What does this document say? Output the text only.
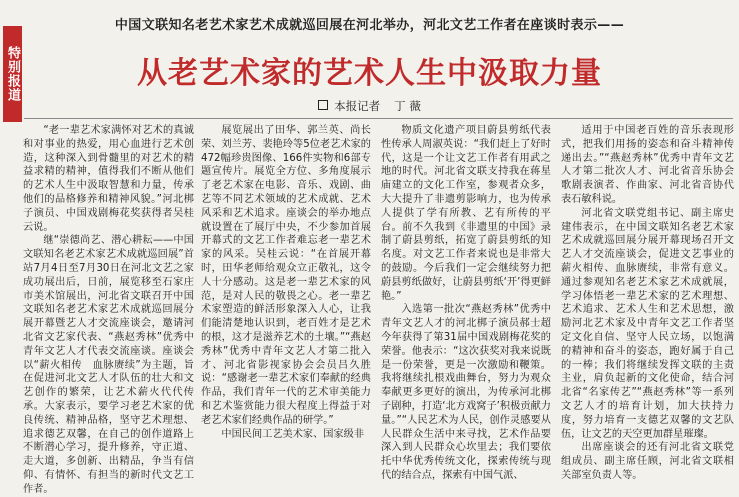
特别报道
中国文联知名老艺术家艺术成就巡回展在河北举办，河北文艺工作者在座谈时表示——
从老艺术家的艺术人生中汲取力量
本报记者 丁 薇

“老一辈艺术家满怀对艺术的真诚和对事业的热爱，用心血进行艺术创造，这种深入到骨髓里的对艺术的精益求精的精神，值得我们不断从他们的艺术人生中汲取智慧和力量，传承他们的品格修养和精神风貌。”河北梆子演员、中国戏剧梅花奖获得者吴桂云说。

继“崇德尚艺、潜心耕耘——中国文联知名老艺术家艺术成就巡回展”首站7月4日至7月30日在河北文艺之家成功展出后，日前，展览移至石家庄市美术馆展出，河北省文联召开中国文联知名老艺术家艺术成就巡回展分展开幕暨艺人才交流座谈会，邀请河北省文艺家代表、“燕赵秀林”优秀中青年文艺人才代表交流座谈。座谈会以“薪火相传　血脉赓续”为主题，旨在促进河北文艺人才队伍的壮大和文艺创作的繁荣，让艺术薪火代代传承。大家表示，要学习老艺术家的优良传统、精神品格，坚守艺术理想、追求德艺双馨，在自己的创作道路上不断潜心学习，提升修养，守正道、走大道，多创新、出精品，争当有信仰、有情怀、有担当的新时代文艺工作者。

展览展出了田华、郭兰英、尚长荣、刘兰芳、裴艳玲等5位老艺术家的472幅珍贵图像、166件实物和6部专题宣传片。展览全方位、多角度展示了老艺术家在电影、音乐、戏剧、曲艺等不同艺术领域的艺术成就、艺术风采和艺术追求。座谈会的举办地点就设置在了展厅中央，不少参加首展开幕式的文艺工作者难忘老一辈艺术家的风采。吴桂云说：“在首展开幕时，田华老师给观众立正敬礼，这令人十分感动。这是老一辈艺术家的风范，是对人民的敬畏之心。老一辈艺术家塑造的鲜活形象深入人心，让我们能清楚地认识到，老百姓才是艺术的根，这才是滋养艺术的土壤。”“燕赵秀林”优秀中青年文艺人才第二批入才、河北省影视家协会会员吕久胜说：“感谢老一辈艺术家们奉献的经典作品，我们青年一代的艺术审美能力和艺术鉴赏能力很大程度上得益于对老艺术家们经典作品的研学。”

中国民间工艺美术家、国家级非

物质文化遗产项目蔚县剪纸代表性传承人周淑英说：“我们赶上了好时代，这是一个让文艺工作者有用武之地的时代。河北省文联支持我在蒋星庙建立的文化工作室，参观者众多，大大提升了非遗剪影响力，也为传承人提供了学有所教、艺有所传的平台。前不久我到《非遗里的中国》录制了蔚县剪纸，拓宽了蔚县剪纸的知名度。对文艺工作者来说也是非常大的鼓励。今后我们一定会继续努力把蔚县剪纸做好，让蔚县剪纸‘开’得更鲜艳。”

入选第一批次“燕赵秀林”优秀中青年文艺人才的河北梆子演员郝士超今年获得了第31届中国戏剧梅花奖的荣誉。他表示：“这次获奖对我来说既是一份荣誉，更是一次激励和鞭策。我将继续扎根戏曲舞台，努力为观众奉献更多更好的演出，为传承河北梆子剧种，打造‘北方戏窝子’积极贡献力量。”“人民艺术为人民，创作灵感要从人民群众生活中来寻找，艺术作品要深入到人民群众心坎里去；我们要依托中华优秀传统文化，探索传统与现代的结合点，探索有中国气派、

适用于中国老百姓的音乐表现形式，把我们用扬的姿态和奋斗精神传递出去。”“燕赵秀林”优秀中青年文艺人才第二批次人才、河北省音乐协会歌剧表演者、作曲家、河北省音协代表石敏科说。

河北省文联党组书记、副主席史建伟表示，在中国文联知名老艺术家艺术成就巡回展分展开幕现场召开文艺人才交流座谈会，促进文艺事业的薪火相传、血脉赓续，非常有意义。通过参观知名老艺术家艺术成就展，学习体悟老一辈艺术家的艺术理想、艺术追求、艺术人生和艺术思想，激励河北艺术家及中青年文艺工作者坚定文化自信、坚守人民立场，以饱满的精神和奋斗的姿态，跑好属于自己的一棒；我们将继续发挥文联的主责主业，肩负起新的文化使命，结合河北省“名家传艺”“燕赵秀林”等一系列文艺人才的培育计划，加大扶持力度，努力培育一支德艺双馨的文艺队伍，让文艺的天空更加群星璀璨。

出席座谈会的还有河北省文联党组成员、副主席任顾，河北省文联相关部室负责人等。
